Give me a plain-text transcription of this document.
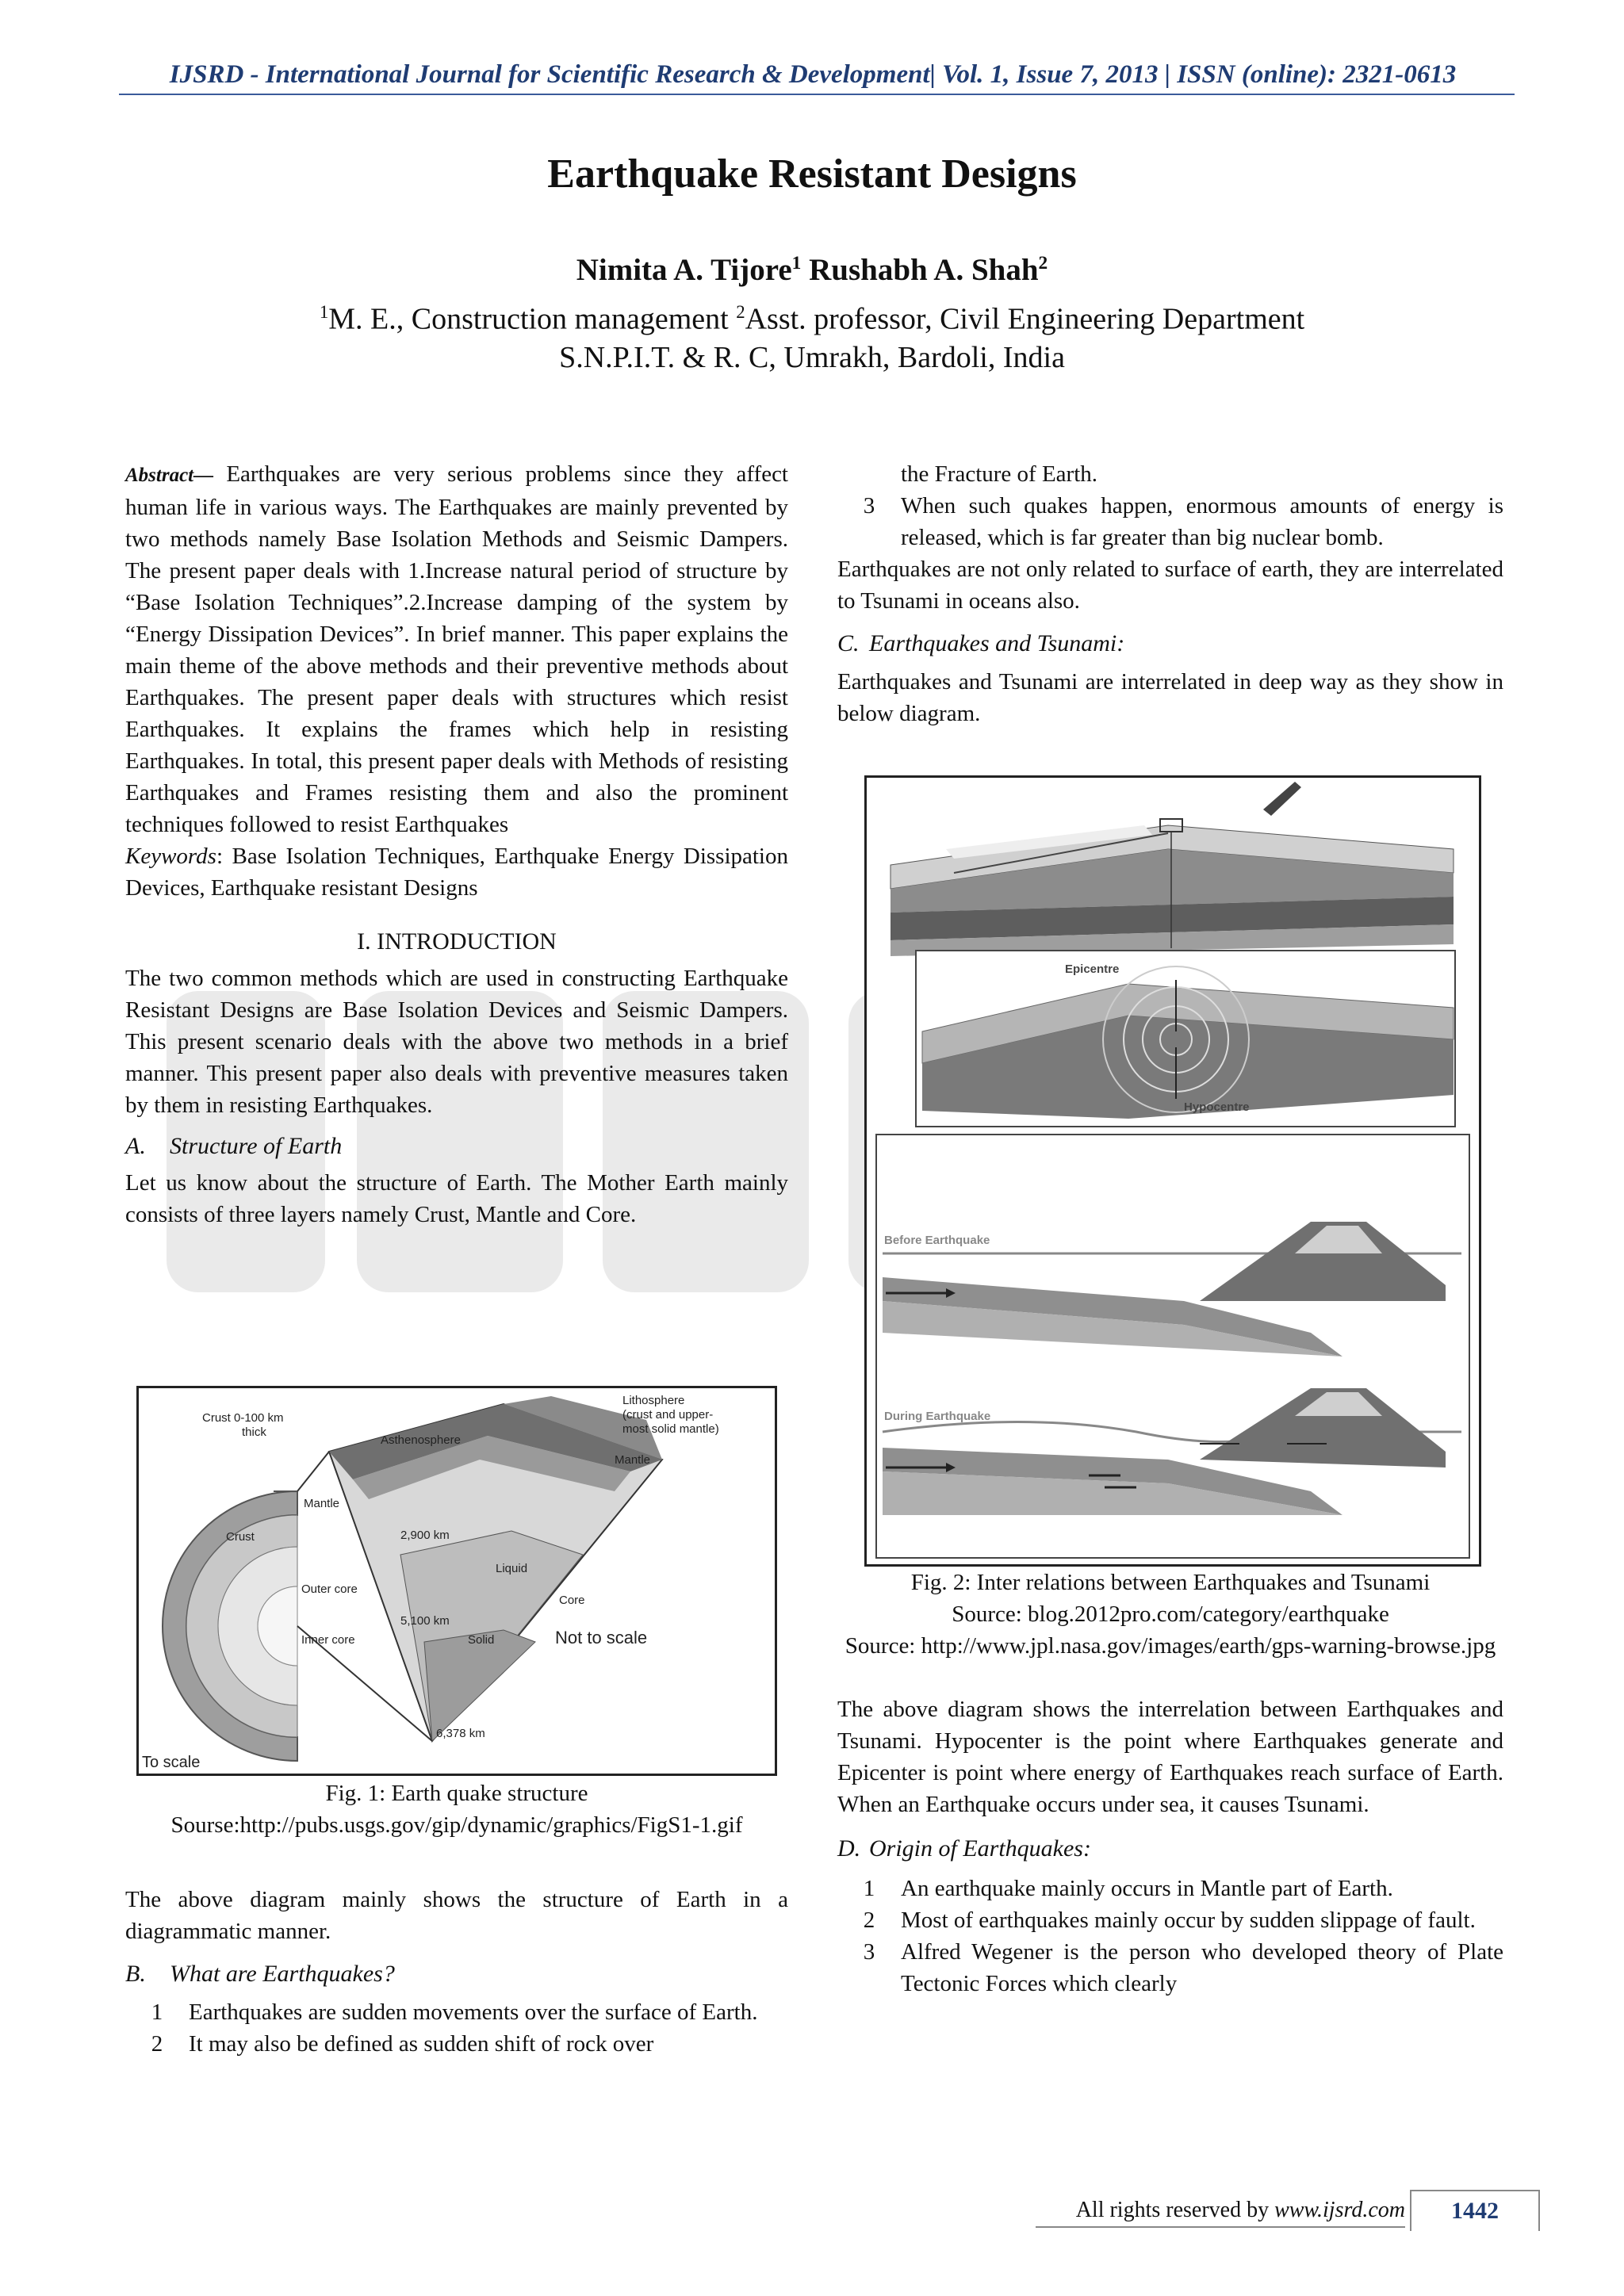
IJSRD - International Journal for Scientific Research & Development| Vol. 1, Issue 7, 2013 | ISSN (online): 2321-0613
Earthquake Resistant Designs
Nimita A. Tijore$^1$ Rushabh A. Shah$^2$
$^1$M. E., Construction management $^2$Asst. professor, Civil Engineering Department
S.N.P.I.T. & R. C, Umrakh, Bardoli, India

Abstract— Earthquakes are very serious problems since they affect human life in various ways. The Earthquakes are mainly prevented by two methods namely Base Isolation Methods and Seismic Dampers. The present paper deals with 1.Increase natural period of structure by “Base Isolation Techniques”.2.Increase damping of the system by “Energy Dissipation Devices”. In brief manner. This paper explains the main theme of the above methods and their preventive methods about Earthquakes. The present paper deals with structures which resist Earthquakes. It explains the frames which help in resisting Earthquakes. In total, this present paper deals with Methods of resisting Earthquakes and Frames resisting them and also the prominent techniques followed to resist Earthquakes

Keywords: Base Isolation Techniques, Earthquake Energy Dissipation Devices, Earthquake resistant Designs

I. INTRODUCTION

The two common methods which are used in constructing Earthquake Resistant Designs are Base Isolation Devices and Seismic Dampers. This present scenario deals with the above two methods in a brief manner. This present paper also deals with preventive measures taken by them in resisting Earthquakes.

A. Structure of Earth

Let us know about the structure of Earth. The Mother Earth mainly consists of three layers namely Crust, Mantle and Core.

Crust 0-100 km
thick
Lithosphere
(crust and upper-
most solid mantle)
Asthenosphere
Mantle
Mantle
Crust	2,900 km
Liquid
Outer core
Core
5,100 km
Inner core	Solid	Not to scale
6,378 km
To scale
Fig. 1: Earth quake structure
Sourse:http://pubs.usgs.gov/gip/dynamic/graphics/FigS1-1.gif

The above diagram mainly shows the structure of Earth in a diagrammatic manner.

B. What are Earthquakes?
1	Earthquakes are sudden movements over the surface of Earth.
2	It may also be defined as sudden shift of rock over
the Fracture of Earth.
3	When such quakes happen, enormous amounts of energy is released, which is far greater than big nuclear bomb.

Earthquakes are not only related to surface of earth, they are interrelated to Tsunami in oceans also.

C. Earthquakes and Tsunami:

Earthquakes and Tsunami are interrelated in deep way as they show in below diagram.

Epicentre
Hypocentre
Before Earthquake
During Earthquake
Fig. 2: Inter relations between Earthquakes and Tsunami
Source: blog.2012pro.com/category/earthquake
Source: http://www.jpl.nasa.gov/images/earth/gps-warning-browse.jpg

The above diagram shows the interrelation between Earthquakes and Tsunami. Hypocenter is the point where Earthquakes generate and Epicenter is point where energy of Earthquakes reach surface of Earth. When an Earthquake occurs under sea, it causes Tsunami.

D. Origin of Earthquakes:
1	An earthquake mainly occurs in Mantle part of Earth.
2	Most of earthquakes mainly occur by sudden slippage of fault.
3	Alfred Wegener is the person who developed theory of Plate Tectonic Forces which clearly
All rights reserved by www.ijsrd.com	1442
